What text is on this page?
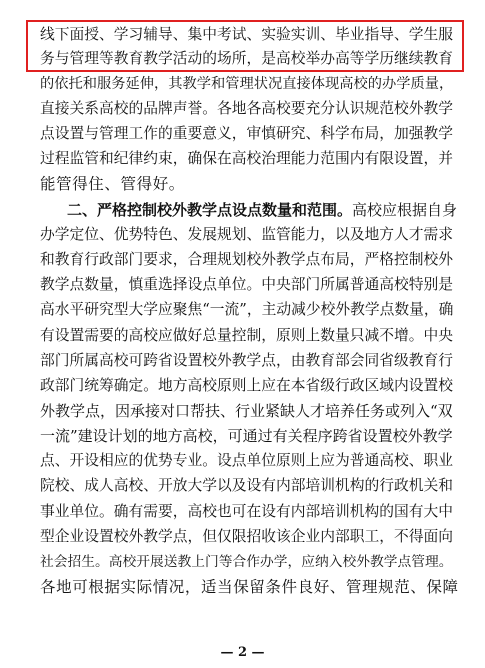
线下面授、学习辅导、集中考试、实验实训、毕业指导、学生服
务与管理等教育教学活动的场所，是高校举办高等学历继续教育
的依托和服务延伸，其教学和管理状况直接体现高校的办学质量，
直接关系高校的品牌声誉。各地各高校要充分认识规范校外教学
点设置与管理工作的重要意义，审慎研究、科学布局，加强教学
过程监管和纪律约束，确保在高校治理能力范围内有限设置，并
能管得住、管得好。
二、严格控制校外教学点设点数量和范围。高校应根据自身
办学定位、优势特色、发展规划、监管能力，以及地方人才需求
和教育行政部门要求，合理规划校外教学点布局，严格控制校外
教学点数量，慎重选择设点单位。中央部门所属普通高校特别是
高水平研究型大学应聚焦“一流”，主动减少校外教学点数量，确
有设置需要的高校应做好总量控制，原则上数量只减不增。中央
部门所属高校可跨省设置校外教学点，由教育部会同省级教育行
政部门统筹确定。地方高校原则上应在本省级行政区域内设置校
外教学点，因承接对口帮扶、行业紧缺人才培养任务或列入“双
一流”建设计划的地方高校，可通过有关程序跨省设置校外教学
点、开设相应的优势专业。设点单位原则上应为普通高校、职业
院校、成人高校、开放大学以及设有内部培训机构的行政机关和
事业单位。确有需要，高校也可在设有内部培训机构的国有大中
型企业设置校外教学点，但仅限招收该企业内部职工，不得面向
社会招生。高校开展送教上门等合作办学，应纳入校外教学点管理。
各地可根据实际情况，适当保留条件良好、管理规范、保障
— 2 —
